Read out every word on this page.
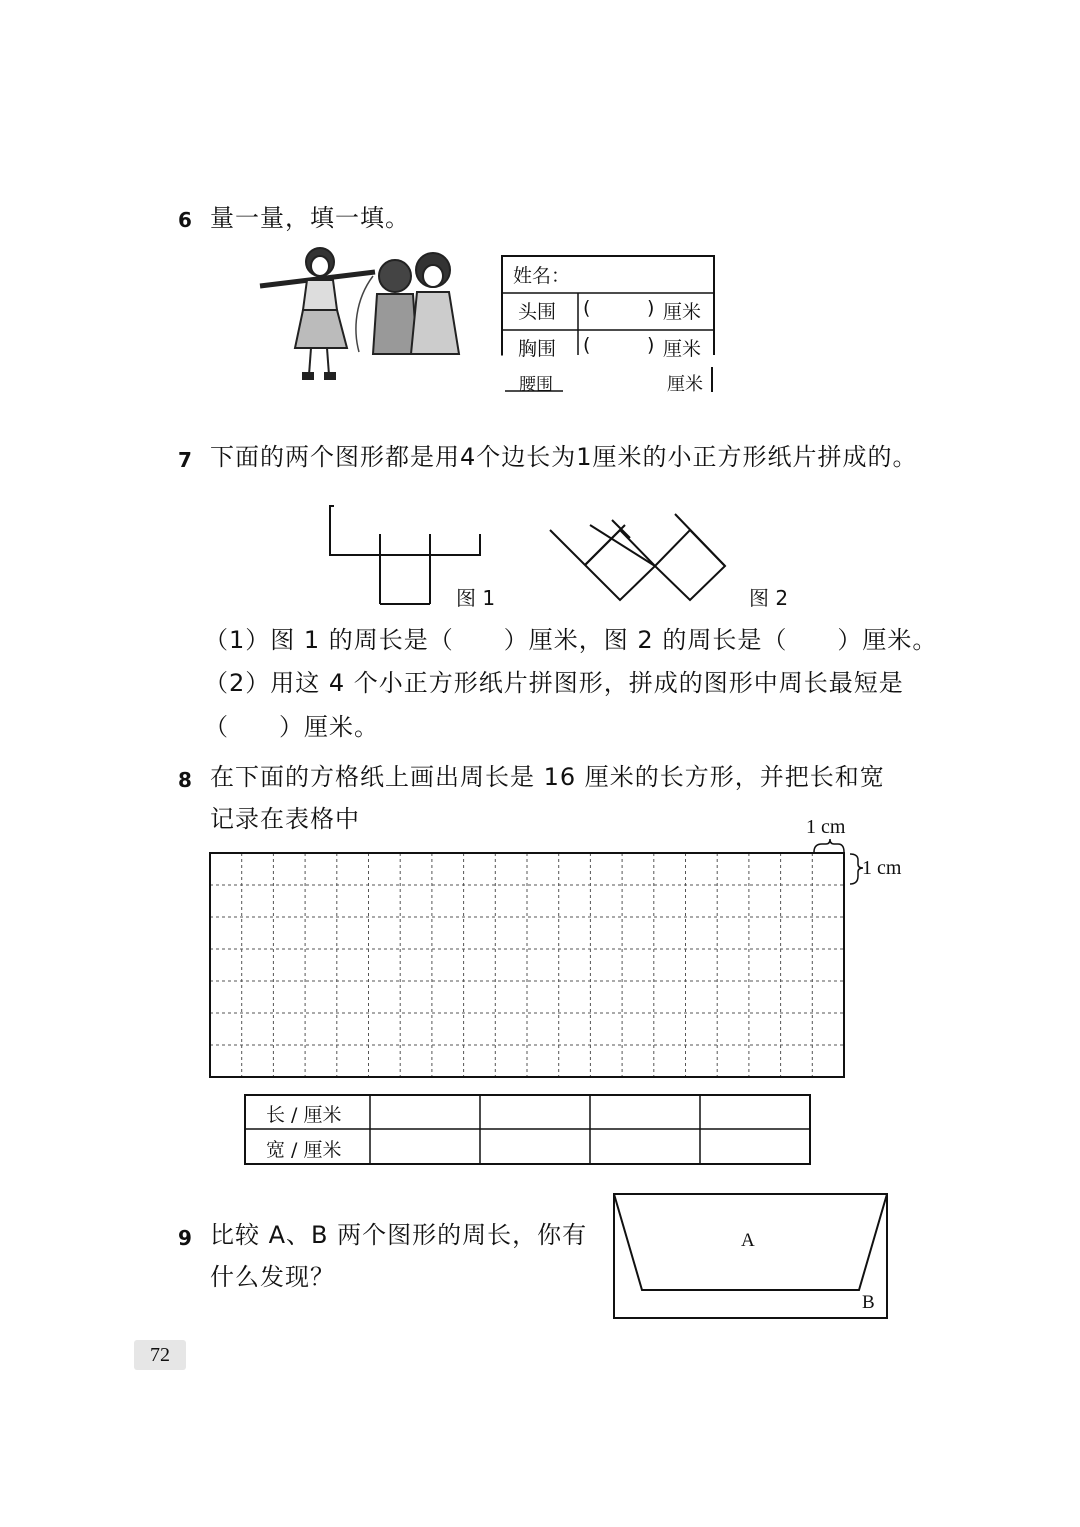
6 量一量，填一填。
姓名：
头围 (	) 厘米
胸围 (	) 厘米
腰围	厘米
7 下面的两个图形都是用4个边长为1厘米的小正方形纸片拼成的。
图 1	图 2
（1）图 1 的周长是（　　）厘米，图 2 的周长是（　　）厘米。
（2）用这 4 个小正方形纸片拼图形，拼成的图形中周长最短是
（　　）厘米。
8 在下面的方格纸上画出周长是 16 厘米的长方形，并把长和宽
记录在表格中	1 cm
1 cm
长 / 厘米
宽 / 厘米
9 比较 A、B 两个图形的周长，你有
什么发现？
A
B
72
